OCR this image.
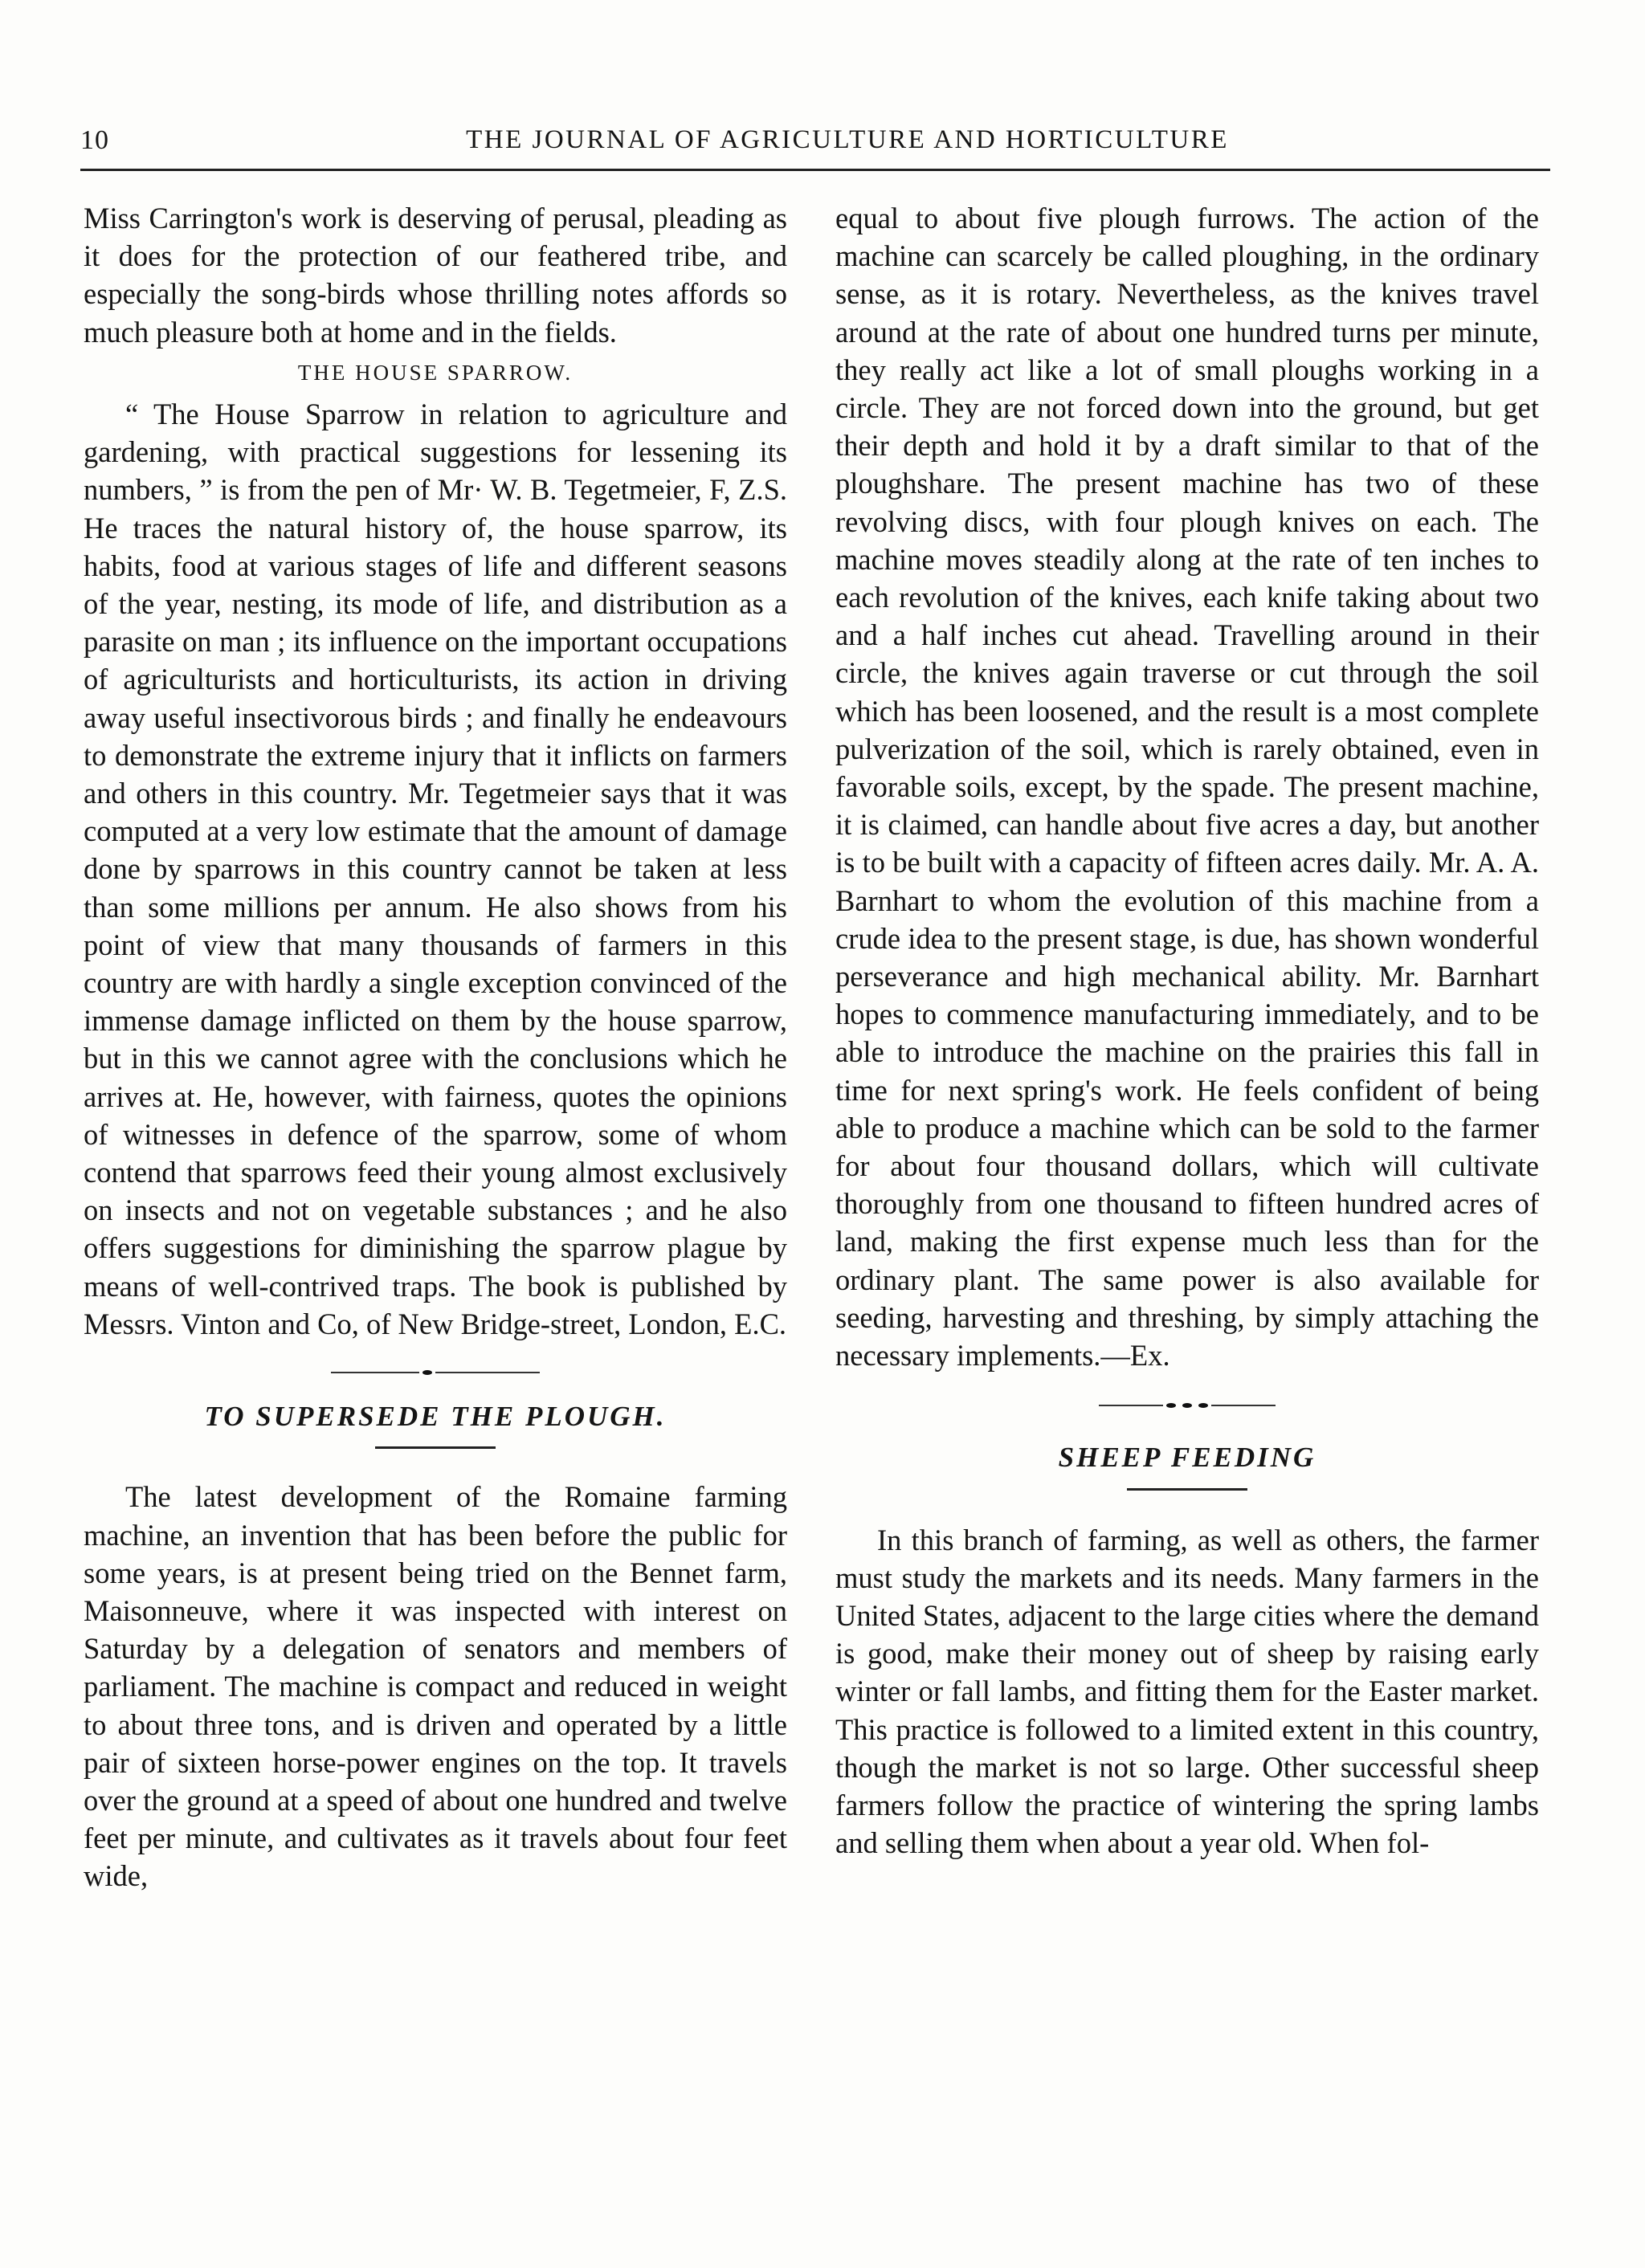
10	THE JOURNAL OF AGRICULTURE AND HORTICULTURE

Miss Carrington's work is deserving of perusal, pleading as it does for the protection of our feathered tribe, and especially the song-birds whose thrilling notes affords so much pleasure both at home and in the fields.

THE HOUSE SPARROW.

“ The House Sparrow in relation to agriculture and gardening, with practical suggestions for lessening its numbers, ” is from the pen of Mr· W. B. Tegetmeier, F, Z.S. He traces the natural history of, the house sparrow, its habits, food at various stages of life and different seasons of the year, nesting, its mode of life, and distribution as a parasite on man ; its influence on the important occupations of agriculturists and horticulturists, its action in driving away useful insectivorous birds ; and finally he endeavours to demonstrate the extreme injury that it inflicts on farmers and others in this country. Mr. Tegetmeier says that it was computed at a very low estimate that the amount of damage done by sparrows in this country cannot be taken at less than some millions per annum. He also shows from his point of view that many thousands of farmers in this country are with hardly a single exception convinced of the immense damage inflicted on them by the house sparrow, but in this we cannot agree with the conclusions which he arrives at. He, however, with fairness, quotes the opinions of witnesses in defence of the sparrow, some of whom contend that sparrows feed their young almost exclusively on insects and not on vegetable substances ; and he also offers suggestions for diminishing the sparrow plague by means of well-contrived traps. The book is published by Messrs. Vinton and Co, of New Bridge-street, London, E.C.

TO SUPERSEDE THE PLOUGH.

The latest development of the Romaine farming machine, an invention that has been before the public for some years, is at present being tried on the Bennet farm, Maisonneuve, where it was inspected with interest on Saturday by a delegation of senators and members of parliament. The machine is compact and reduced in weight to about three tons, and is driven and operated by a little pair of sixteen horse-power engines on the top. It travels over the ground at a speed of about one hundred and twelve feet per minute, and cultivates as it travels about four feet wide,

equal to about five plough furrows. The action of the machine can scarcely be called ploughing, in the ordinary sense, as it is rotary. Nevertheless, as the knives travel around at the rate of about one hundred turns per minute, they really act like a lot of small ploughs working in a circle. They are not forced down into the ground, but get their depth and hold it by a draft similar to that of the ploughshare. The present machine has two of these revolving discs, with four plough knives on each. The machine moves steadily along at the rate of ten inches to each revolution of the knives, each knife taking about two and a half inches cut ahead. Travelling around in their circle, the knives again traverse or cut through the soil which has been loosened, and the result is a most complete pulverization of the soil, which is rarely obtained, even in favorable soils, except, by the spade. The present machine, it is claimed, can handle about five acres a day, but another is to be built with a capacity of fifteen acres daily. Mr. A. A. Barnhart to whom the evolution of this machine from a crude idea to the present stage, is due, has shown wonderful perseverance and high mechanical ability. Mr. Barnhart hopes to commence manufacturing immediately, and to be able to introduce the machine on the prairies this fall in time for next spring's work. He feels confident of being able to produce a machine which can be sold to the farmer for about four thousand dollars, which will cultivate thoroughly from one thousand to fifteen hundred acres of land, making the first expense much less than for the ordinary plant. The same power is also available for seeding, harvesting and threshing, by simply attaching the necessary implements.—Ex.

SHEEP FEEDING

In this branch of farming, as well as others, the farmer must study the markets and its needs. Many farmers in the United States, adjacent to the large cities where the demand is good, make their money out of sheep by raising early winter or fall lambs, and fitting them for the Easter market. This practice is followed to a limited extent in this country, though the market is not so large. Other successful sheep farmers follow the practice of wintering the spring lambs and selling them when about a year old. When fol-
